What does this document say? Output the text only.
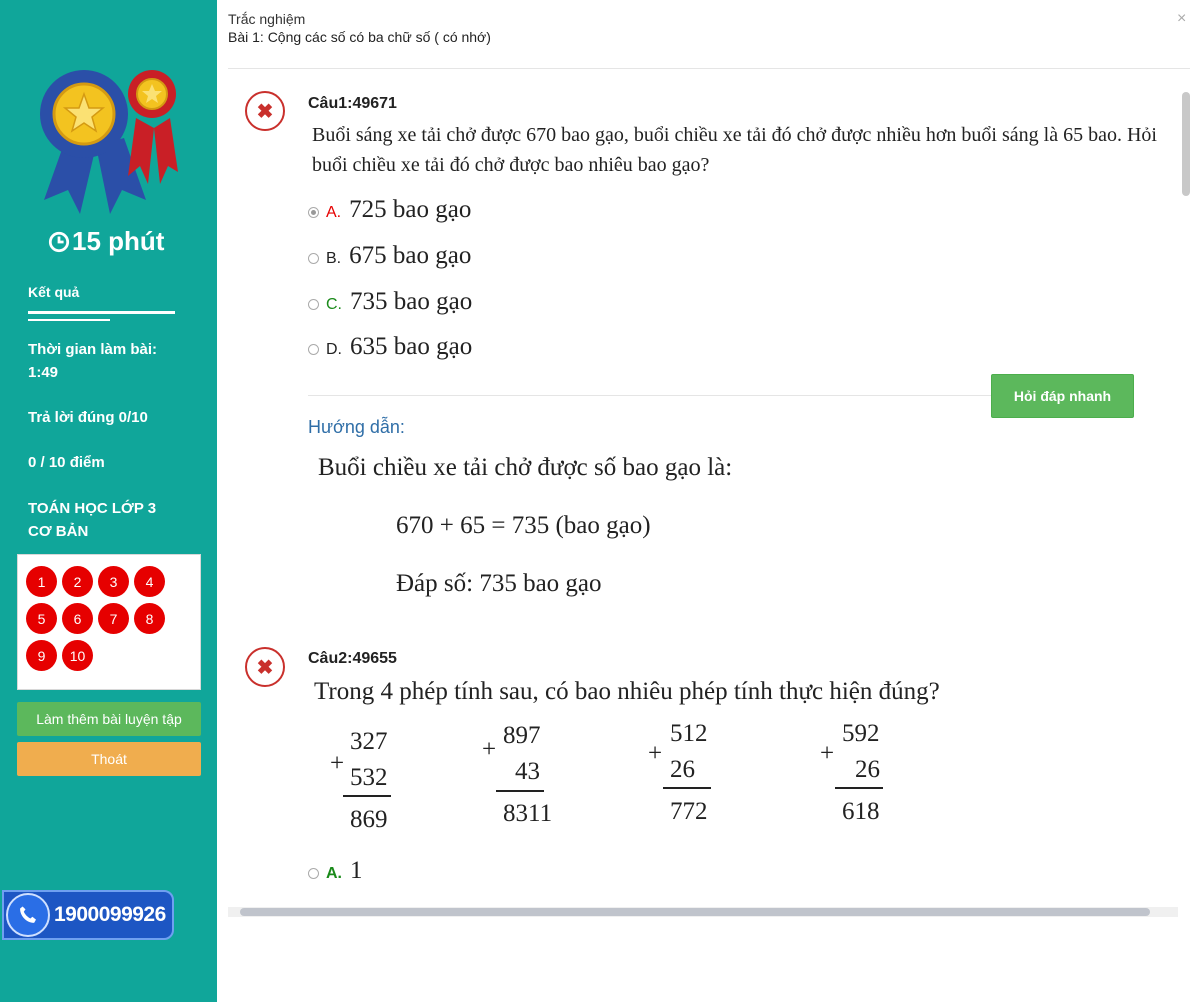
15 phút
Kết quả
Thời gian làm bài: 1:49
Trả lời đúng 0/10
0 / 10 điểm
TOÁN HỌC LỚP 3 CƠ BẢN
1	2	3	4
5	6	7	8
9	10
Làm thêm bài luyện tập
Thoát
1900099926
Trắc nghiệm
Bài 1: Cộng các số có ba chữ số ( có nhớ)
×
✖	Câu1:49671
Buổi sáng xe tải chở được 670 bao gạo, buổi chiều xe tải đó chở được nhiều hơn buổi sáng là 65 bao. Hỏi buổi chiều xe tải đó chở được bao nhiêu bao gạo?
A. 725 bao gạo
B. 675 bao gạo
C. 735 bao gạo
D. 635 bao gạo
Hỏi đáp nhanh
Hướng dẫn:
Buổi chiều xe tải chở được số bao gạo là:
670 + 65 = 735 (bao gạo)
Đáp số: 735 bao gạo
✖	Câu2:49655
Trong 4 phép tính sau, có bao nhiêu phép tính thực hiện đúng?
327
+
532
869
897
+
43
8311
512
+
26
772
592
+
26
618
A. 1
